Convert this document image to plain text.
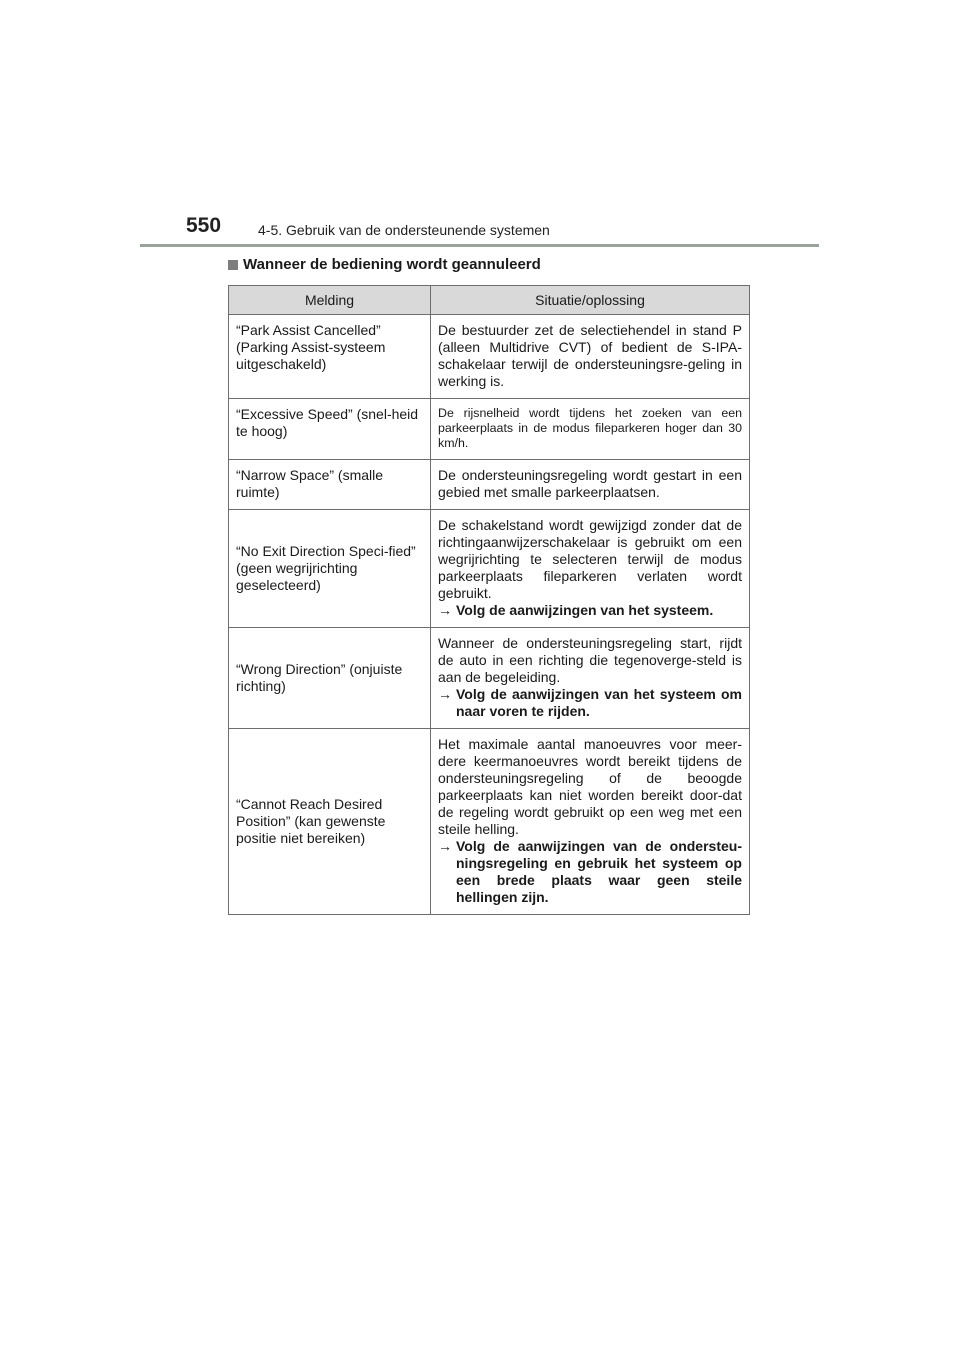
550	4-5. Gebruik van de ondersteunende systemen
Wanneer de bediening wordt geannuleerd
Melding	Situatie/oplossing
“Park Assist Cancelled” (Parking Assist-systeem uitgeschakeld)	De bestuurder zet de selectiehendel in stand P (alleen Multidrive CVT) of bedient de S-IPA-schakelaar terwijl de ondersteuningsre-geling in werking is.

“Excessive Speed” (snel-heid te hoog)	De rijsnelheid wordt tijdens het zoeken van een parkeerplaats in de modus fileparkeren hoger dan 30 km/h.

“Narrow Space” (smalle ruimte)	De ondersteuningsregeling wordt gestart in een gebied met smalle parkeerplaatsen.

“No Exit Direction Speci-fied” (geen wegrijrichting geselecteerd)	De schakelstand wordt gewijzigd zonder dat de richtingaanwijzerschakelaar is gebruikt om een wegrijrichting te selecteren terwijl de modus parkeerplaats fileparkeren verlaten wordt gebruikt.
→ Volg de aanwijzingen van het systeem.

“Wrong Direction” (onjuiste richting)	Wanneer de ondersteuningsregeling start, rijdt de auto in een richting die tegenoverge-steld is aan de begeleiding.
→ Volg de aanwijzingen van het systeem om naar voren te rijden.

“Cannot Reach Desired Position” (kan gewenste positie niet bereiken)	Het maximale aantal manoeuvres voor meer-dere keermanoeuvres wordt bereikt tijdens de ondersteuningsregeling of de beoogde parkeerplaats kan niet worden bereikt door-dat de regeling wordt gebruikt op een weg met een steile helling.
→ Volg de aanwijzingen van de ondersteu-ningsregeling en gebruik het systeem op een brede plaats waar geen steile hellingen zijn.
